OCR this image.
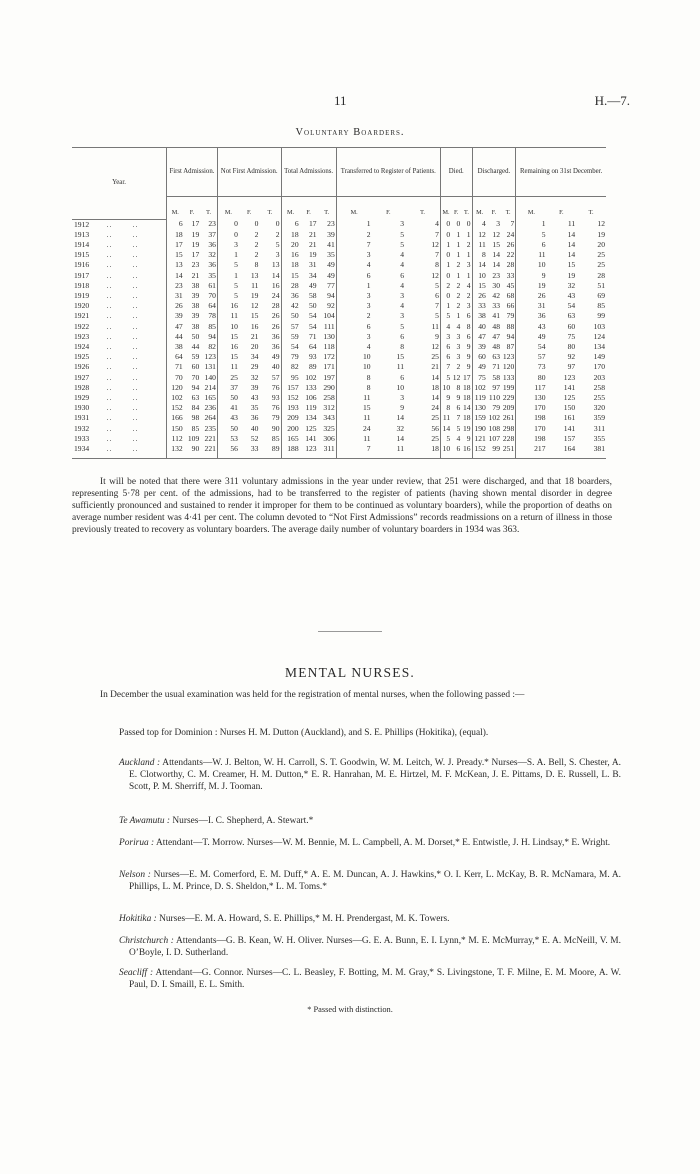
11	H.—7.
Voluntary Boarders.
Year.	First Admission.			Not First Admission.			Total Admissions.			Transferred to Register of Patients.			Died.			Discharged.			Remaining on 31st December.		
	M.	F.	T.	M.	F.	T.	M.	F.	T.	M.	F.	T.	M.	F.	T.	M.	F.	T.	M.	F.	T.
1912      ..       ..	6	17	23	0	0	0	6	17	23	1	3	4	0	0	0	4	3	7	1	11	12
1913      ..       ..	18	19	37	0	2	2	18	21	39	2	5	7	0	1	1	12	12	24	5	14	19
1914      ..       ..	17	19	36	3	2	5	20	21	41	7	5	12	1	1	2	11	15	26	6	14	20
1915      ..       ..	15	17	32	1	2	3	16	19	35	3	4	7	0	1	1	8	14	22	11	14	25
1916      ..       ..	13	23	36	5	8	13	18	31	49	4	4	8	1	2	3	14	14	28	10	15	25
1917      ..       ..	14	21	35	1	13	14	15	34	49	6	6	12	0	1	1	10	23	33	9	19	28
1918      ..       ..	23	38	61	5	11	16	28	49	77	1	4	5	2	2	4	15	30	45	19	32	51
1919      ..       ..	31	39	70	5	19	24	36	58	94	3	3	6	0	2	2	26	42	68	26	43	69
1920      ..       ..	26	38	64	16	12	28	42	50	92	3	4	7	1	2	3	33	33	66	31	54	85
1921      ..       ..	39	39	78	11	15	26	50	54	104	2	3	5	5	1	6	38	41	79	36	63	99
1922      ..       ..	47	38	85	10	16	26	57	54	111	6	5	11	4	4	8	40	48	88	43	60	103
1923      ..       ..	44	50	94	15	21	36	59	71	130	3	6	9	3	3	6	47	47	94	49	75	124
1924      ..       ..	38	44	82	16	20	36	54	64	118	4	8	12	6	3	9	39	48	87	54	80	134
1925      ..       ..	64	59	123	15	34	49	79	93	172	10	15	25	6	3	9	60	63	123	57	92	149
1926      ..       ..	71	60	131	11	29	40	82	89	171	10	11	21	7	2	9	49	71	120	73	97	170
1927      ..       ..	70	70	140	25	32	57	95	102	197	8	6	14	5	12	17	75	58	133	80	123	203
1928      ..       ..	120	94	214	37	39	76	157	133	290	8	10	18	10	8	18	102	97	199	117	141	258
1929      ..       ..	102	63	165	50	43	93	152	106	258	11	3	14	9	9	18	119	110	229	130	125	255
1930      ..       ..	152	84	236	41	35	76	193	119	312	15	9	24	8	6	14	130	79	209	170	150	320
1931      ..       ..	166	98	264	43	36	79	209	134	343	11	14	25	11	7	18	159	102	261	198	161	359
1932      ..       ..	150	85	235	50	40	90	200	125	325	24	32	56	14	5	19	190	108	298	170	141	311
1933      ..       ..	112	109	221	53	52	85	165	141	306	11	14	25	5	4	9	121	107	228	198	157	355
1934      ..       ..	132	90	221	56	33	89	188	123	311	7	11	18	10	6	16	152	99	251	217	164	381
It will be noted that there were 311 voluntary admissions in the year under review, that 251 were discharged, and that 18 boarders, representing 5·78 per cent. of the admissions, had to be transferred to the register of patients (having shown mental disorder in degree sufficiently pronounced and sustained to render it improper for them to be continued as voluntary boarders), while the proportion of deaths on average number resident was 4·41 per cent. The column devoted to “Not First Admissions” records readmissions on a return of illness in those previously treated to recovery as voluntary boarders. The average daily number of voluntary boarders in 1934 was 363.
MENTAL NURSES.
In December the usual examination was held for the registration of mental nurses, when the following passed :—
Passed top for Dominion : Nurses H. M. Dutton (Auckland), and S. E. Phillips (Hokitika), (equal).
Auckland : Attendants—W. J. Belton, W. H. Carroll, S. T. Goodwin, W. M. Leitch, W. J. Pready.* Nurses—S. A. Bell, S. Chester, A. E. Clotworthy, C. M. Creamer, H. M. Dutton,* E. R. Hanrahan, M. E. Hirtzel, M. F. McKean, J. E. Pittams, D. E. Russell, L. B. Scott, P. M. Sherriff, M. J. Tooman.
Te Awamutu : Nurses—I. C. Shepherd, A. Stewart.*
Porirua : Attendant—T. Morrow. Nurses—W. M. Bennie, M. L. Campbell, A. M. Dorset,* E. Entwistle, J. H. Lindsay,* E. Wright.
Nelson : Nurses—E. M. Comerford, E. M. Duff,* A. E. M. Duncan, A. J. Hawkins,* O. I. Kerr, L. McKay, B. R. McNamara, M. A. Phillips, L. M. Prince, D. S. Sheldon,* L. M. Toms.*
Hokitika : Nurses—E. M. A. Howard, S. E. Phillips,* M. H. Prendergast, M. K. Towers.
Christchurch : Attendants—G. B. Kean, W. H. Oliver. Nurses—G. E. A. Bunn, E. I. Lynn,* M. E. McMurray,* E. A. McNeill, V. M. O’Boyle, I. D. Sutherland.
Seacliff : Attendant—G. Connor. Nurses—C. L. Beasley, F. Botting, M. M. Gray,* S. Livingstone, T. F. Milne, E. M. Moore, A. W. Paul, D. I. Smaill, E. L. Smith.
* Passed with distinction.
